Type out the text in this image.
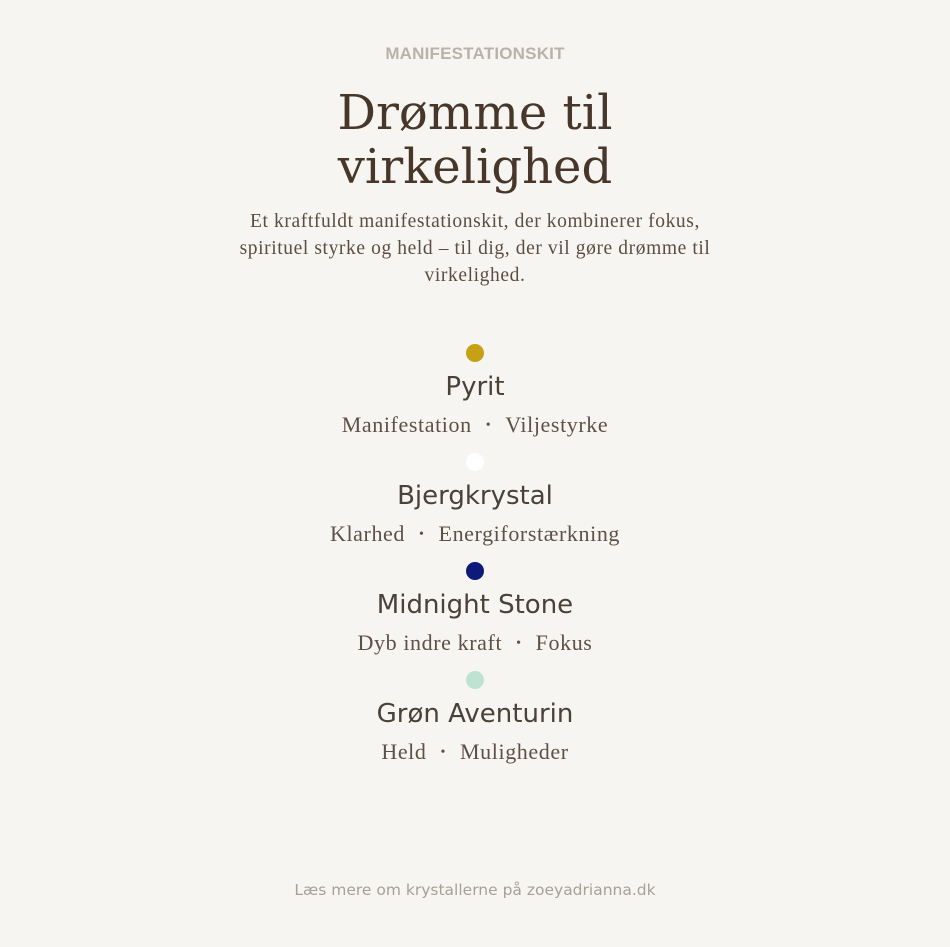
MANIFESTATIONSKIT
Drømme til
virkelighed
Et kraftfuldt manifestationskit, der kombinerer fokus, spirituel styrke og held – til dig, der vil gøre drømme til virkelighed.
Pyrit
Manifestation • Viljestyrke
Bjergkrystal
Klarhed • Energiforstærkning
Midnight Stone
Dyb indre kraft • Fokus
Grøn Aventurin
Held • Muligheder
Læs mere om krystallerne på zoeyadrianna.dk
